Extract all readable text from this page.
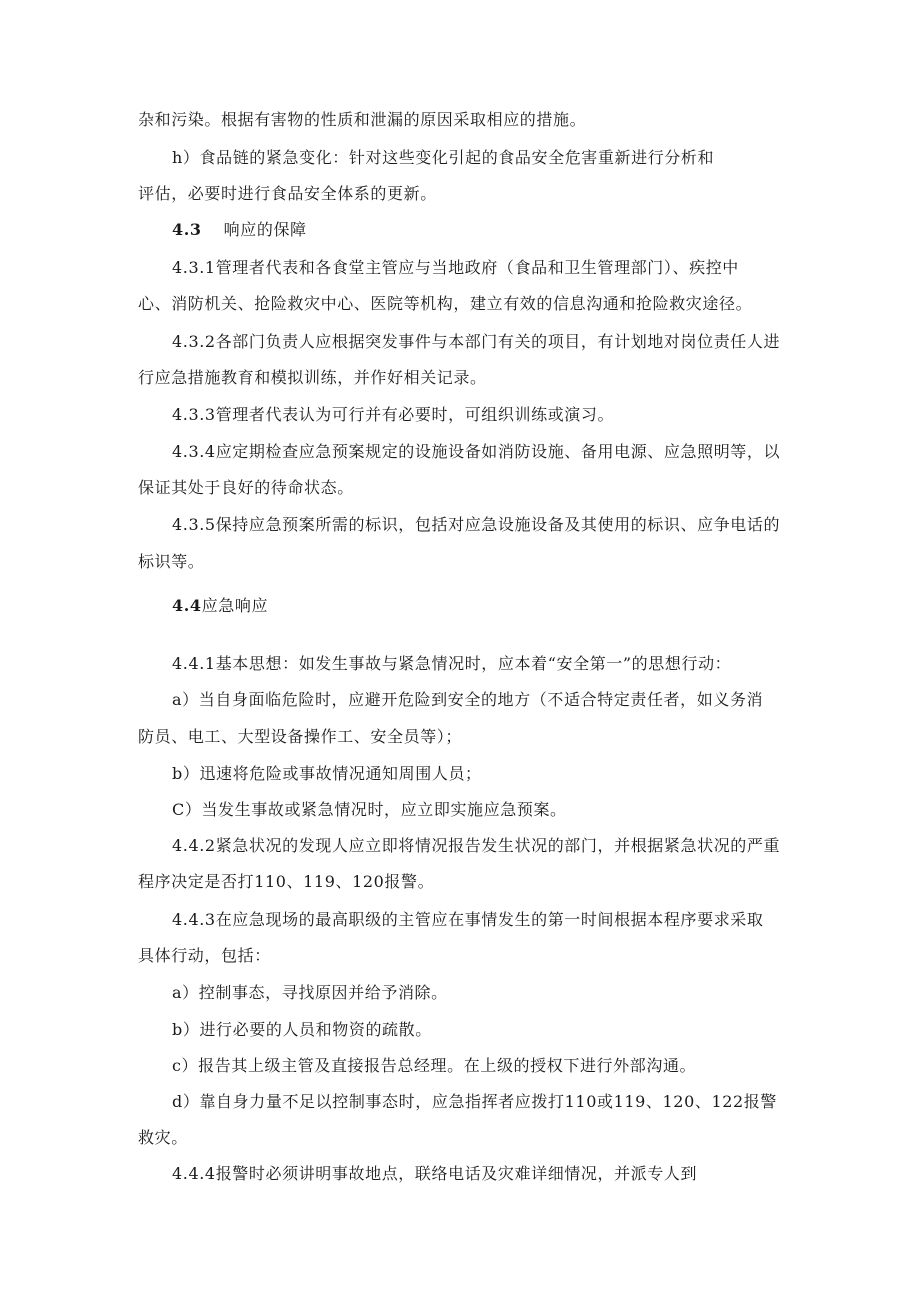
杂和污染。根据有害物的性质和泄漏的原因采取相应的措施。
h）食品链的紧急变化：针对这些变化引起的食品安全危害重新进行分析和
评估，必要时进行食品安全体系的更新。
4.3 响应的保障
4.3.1管理者代表和各食堂主管应与当地政府（食品和卫生管理部门）、疾控中
心、消防机关、抢险救灾中心、医院等机构，建立有效的信息沟通和抢险救灾途径。
4.3.2各部门负责人应根据突发事件与本部门有关的项目，有计划地对岗位责任人进
行应急措施教育和模拟训练，并作好相关记录。
4.3.3管理者代表认为可行并有必要时，可组织训练或演习。
4.3.4应定期检查应急预案规定的设施设备如消防设施、备用电源、应急照明等，以
保证其处于良好的待命状态。
4.3.5保持应急预案所需的标识，包括对应急设施设备及其使用的标识、应争电话的
标识等。
4.4应急响应
4.4.1基本思想：如发生事故与紧急情况时，应本着“安全第一”的思想行动：
a）当自身面临危险时，应避开危险到安全的地方（不适合特定责任者，如义务消
防员、电工、大型设备操作工、安全员等）；
b）迅速将危险或事故情况通知周围人员；
C）当发生事故或紧急情况时，应立即实施应急预案。
4.4.2紧急状况的发现人应立即将情况报告发生状况的部门，并根据紧急状况的严重
程序决定是否打110、119、120报警。
4.4.3在应急现场的最高职级的主管应在事情发生的第一时间根据本程序要求采取
具体行动，包括：
a）控制事态，寻找原因并给予消除。
b）进行必要的人员和物资的疏散。
c）报告其上级主管及直接报告总经理。在上级的授权下进行外部沟通。
d）靠自身力量不足以控制事态时，应急指挥者应拨打110或119、120、122报警
救灾。
4.4.4报警时必须讲明事故地点，联络电话及灾难详细情况，并派专人到
